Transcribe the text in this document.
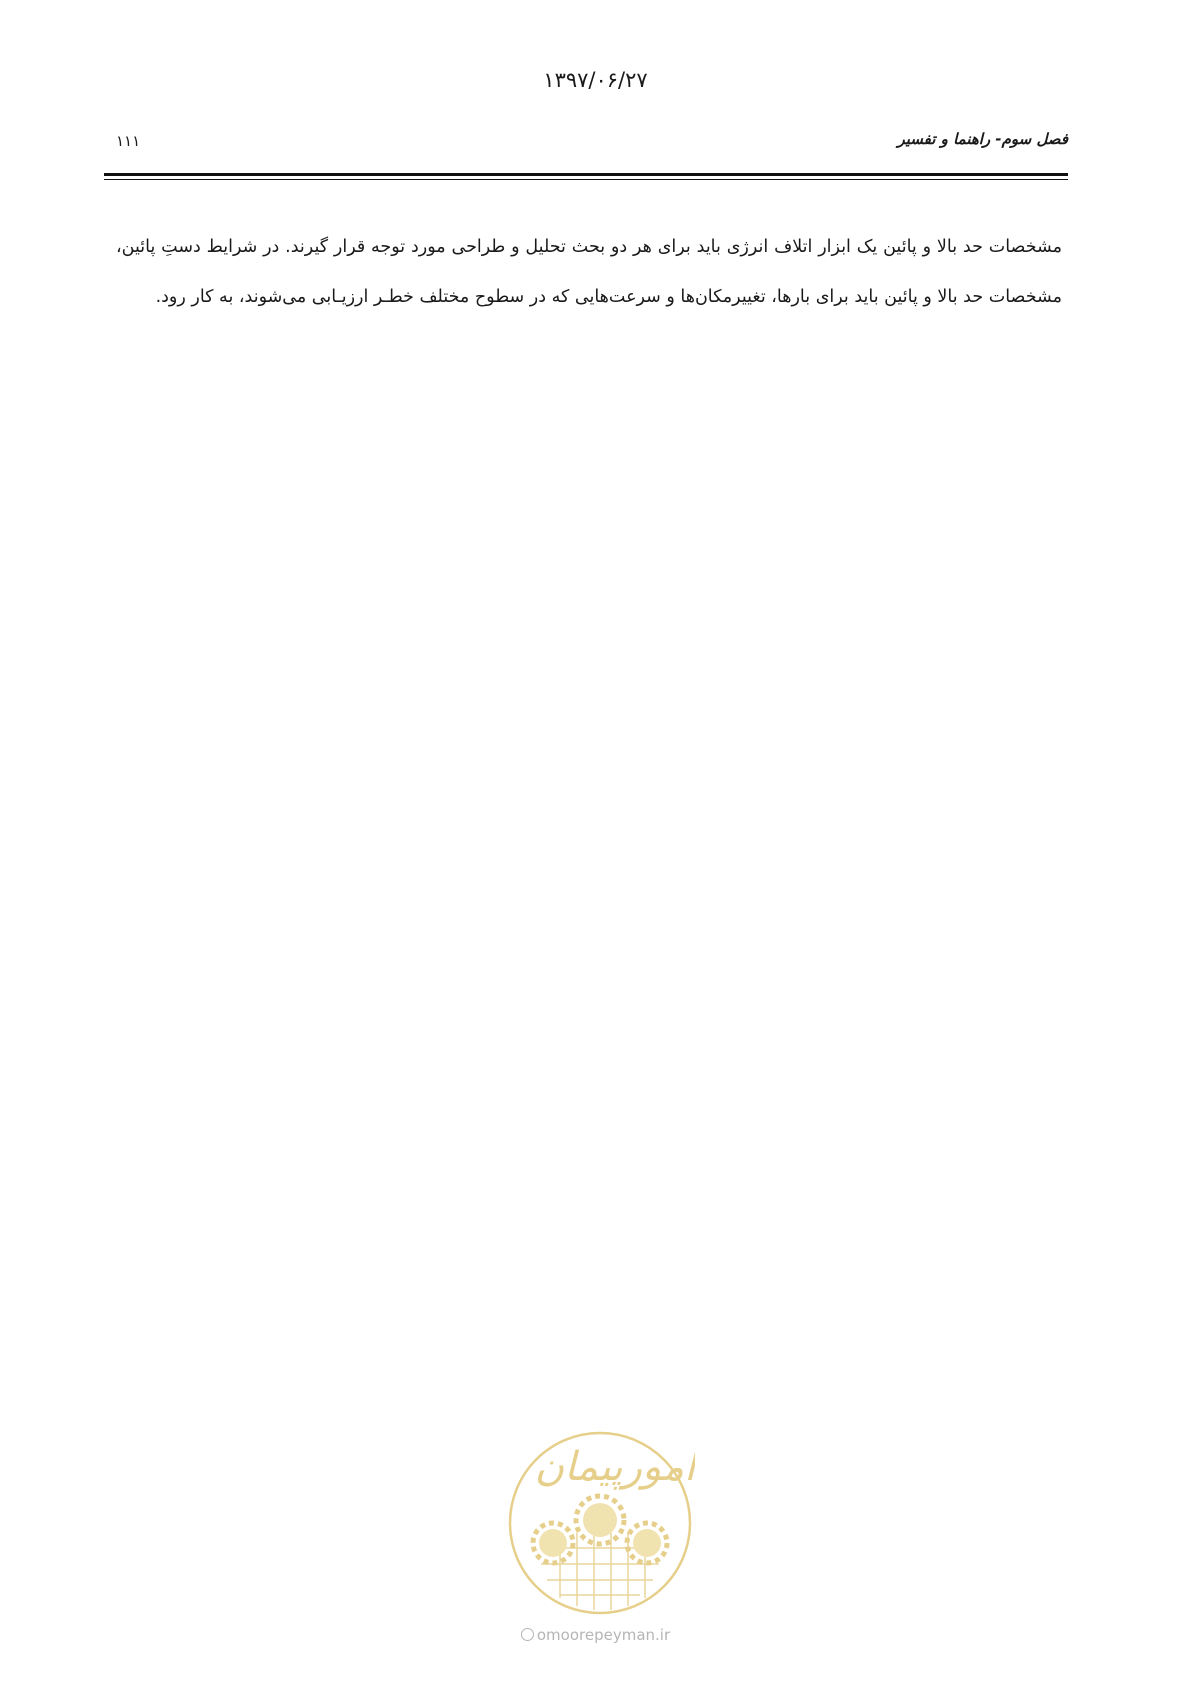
۱۳۹۷/۰۶/۲۷
فصل سوم- راهنما و تفسیر
۱۱۱
مشخصات حد بالا و پائین یک ابزار اتلاف انرژی باید برای هر دو بحث تحلیل و طراحی مورد توجه قرار گیرند. در شرایط دستِ پائین، مشخصات حد بالا و پائین باید برای بارها، تغییرمکان‌ها و سرعت‌هایی که در سطوح مختلف خطـر ارزیـابی می‌شوند، به کار رود.
امورپیمان
omoorepeyman.ir
